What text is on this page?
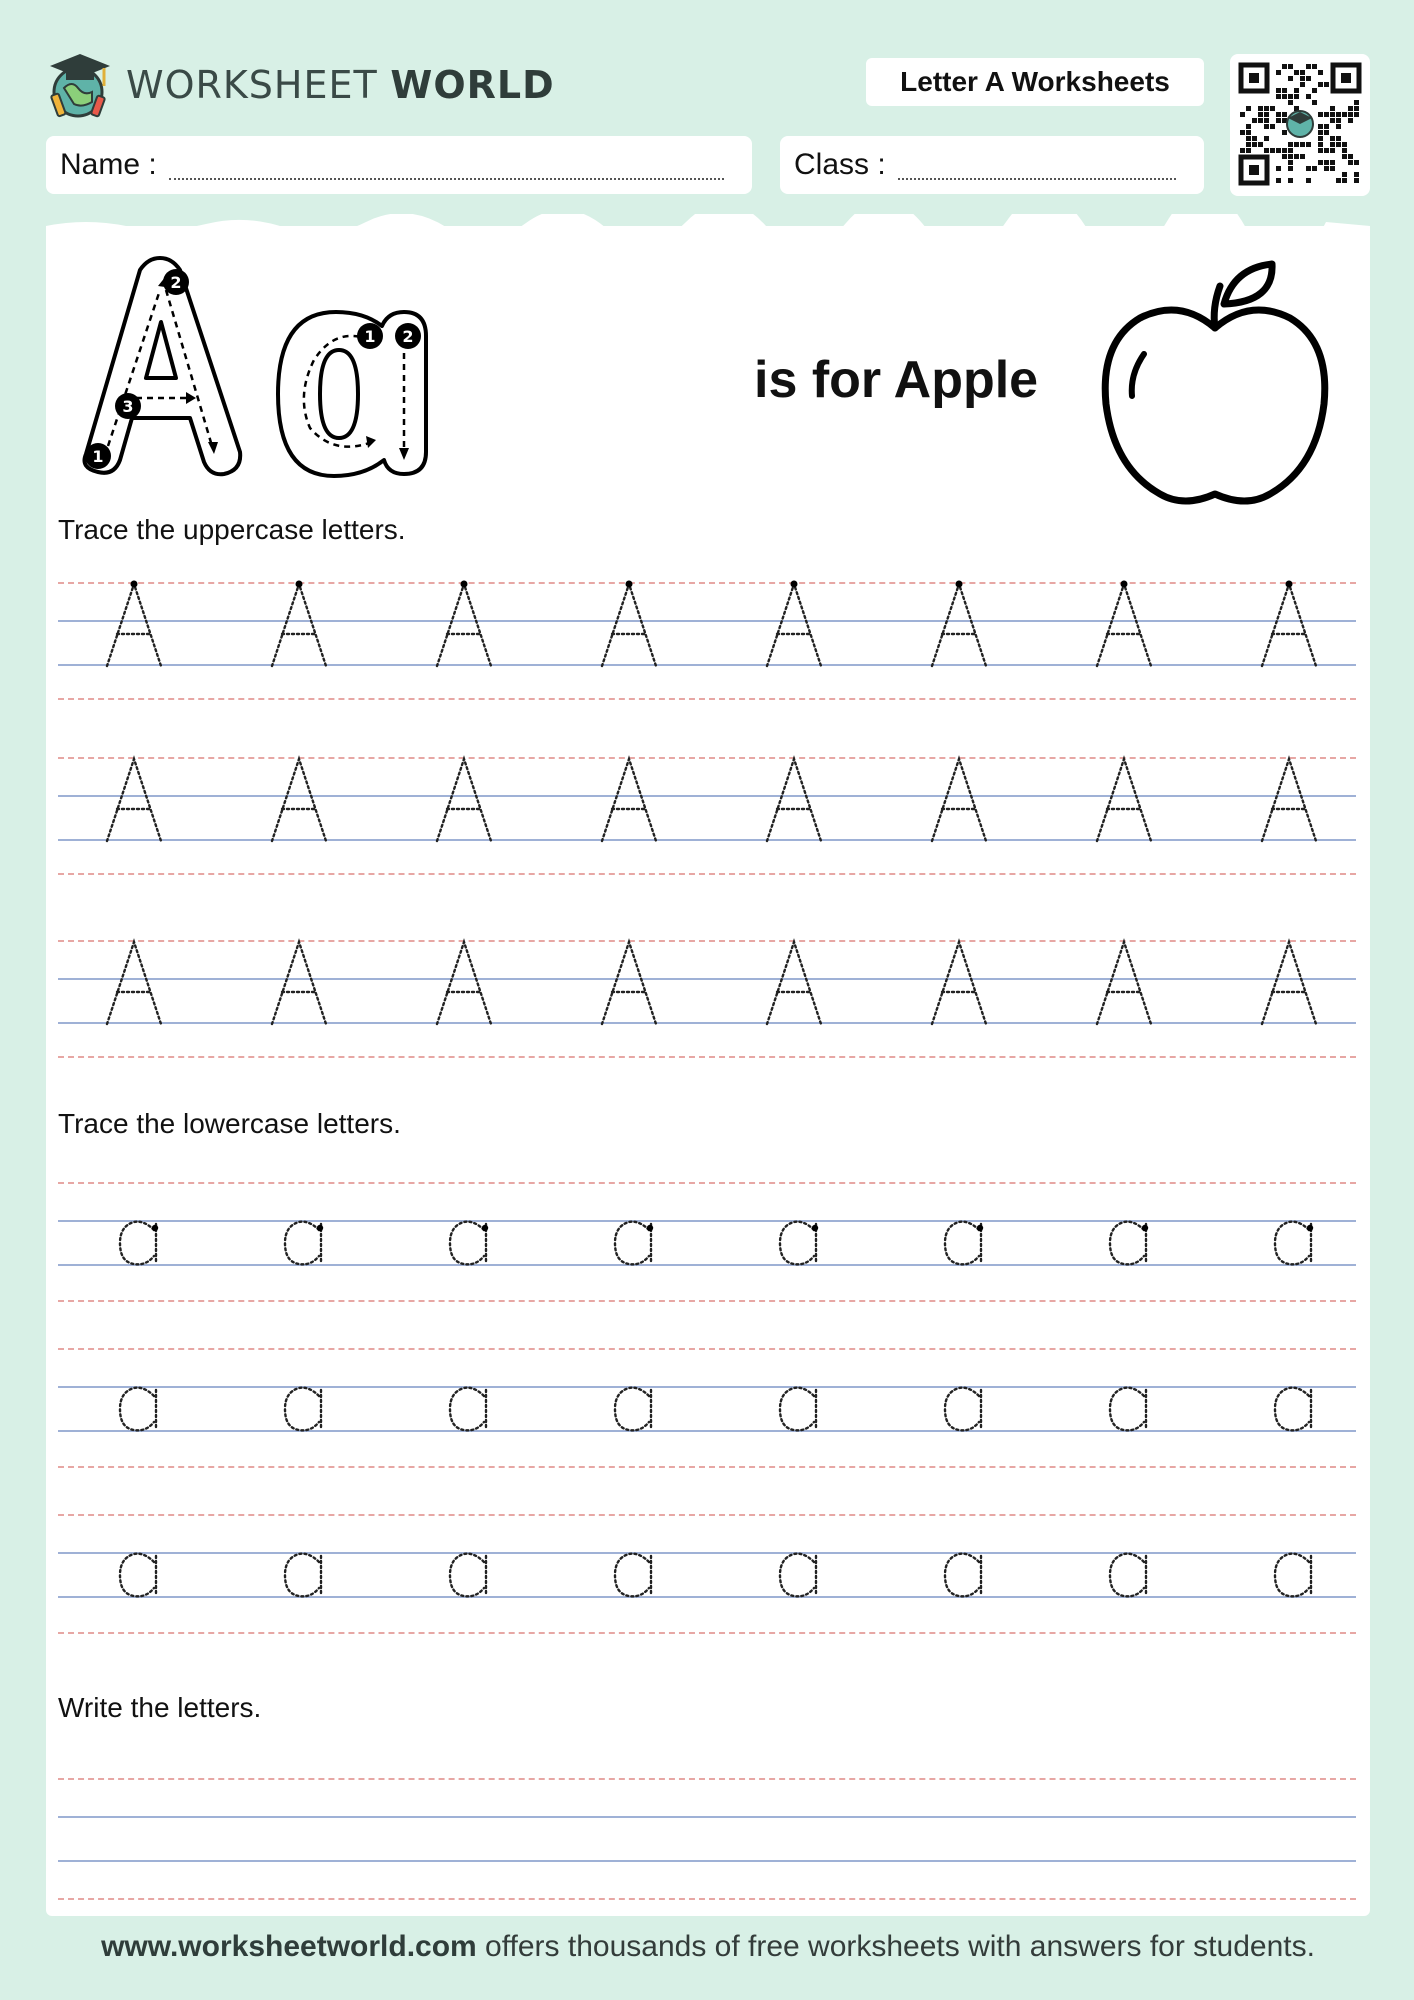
WORKSHEET WORLD	Letter A Worksheets
Name :	Class :
1
2
3
1 2
is for Apple
Trace the uppercase letters.
Trace the lowercase letters.
Write the letters.
www.worksheetworld.com offers thousands of free worksheets with answers for students.
